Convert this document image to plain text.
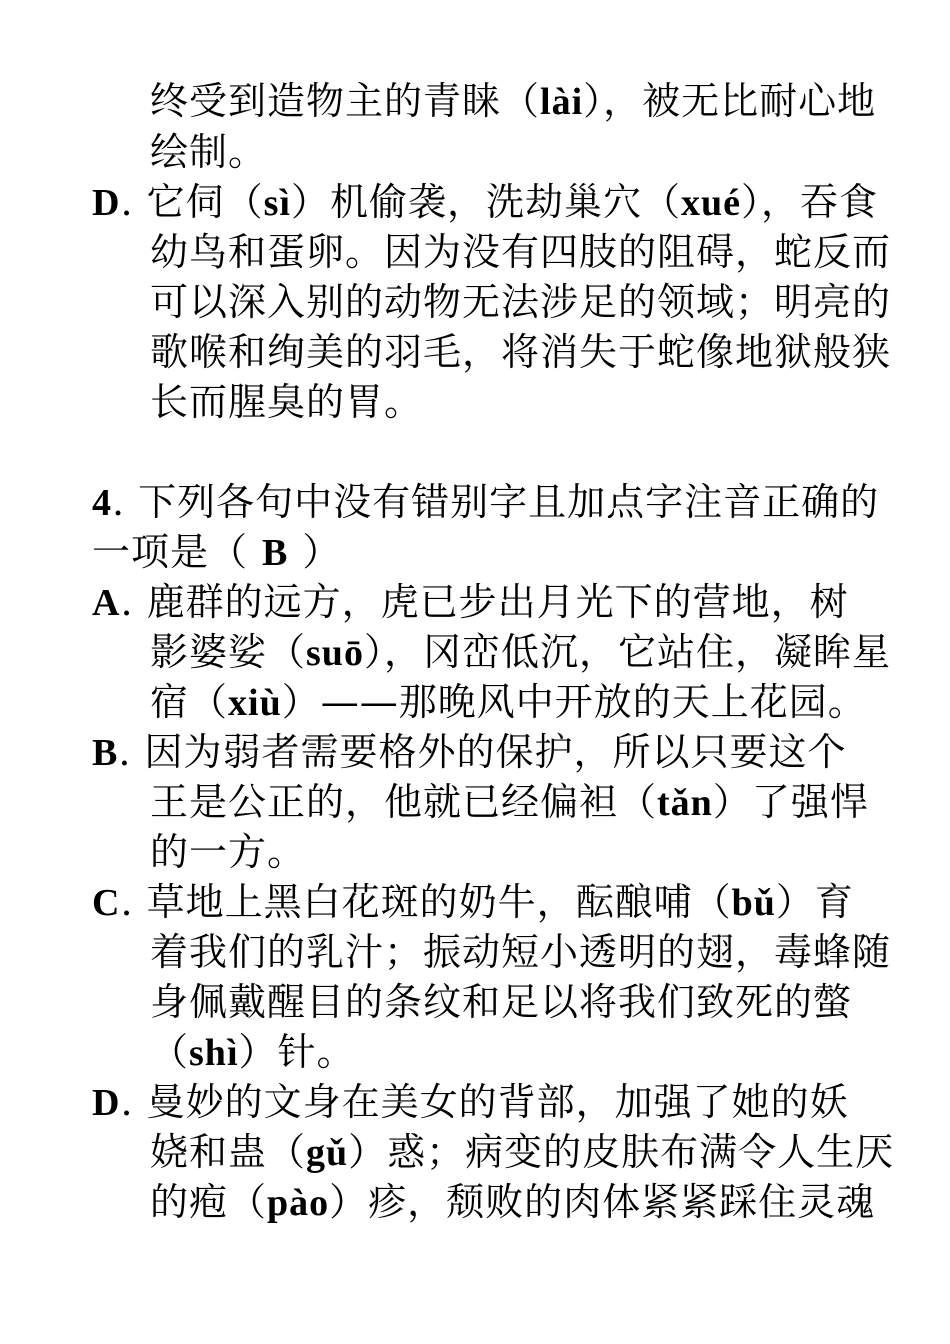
终受到造物主的青睐（lài），被无比耐心地
绘制。
D. 它伺（sì）机偷袭，洗劫巢穴（xué），吞食
幼鸟和蛋卵。因为没有四肢的阻碍，蛇反而
可以深入别的动物无法涉足的领域；明亮的
歌喉和绚美的羽毛，将消失于蛇像地狱般狭
长而腥臭的胃。
4. 下列各句中没有错别字且加点字注音正确的
一项是（ B ）
A. 鹿群的远方，虎已步出月光下的营地，树
影婆娑（suō），冈峦低沉，它站住，凝眸星
宿（xiù）——那晚风中开放的天上花园。
B. 因为弱者需要格外的保护，所以只要这个
王是公正的，他就已经偏袒（tǎn）了强悍
的一方。
C. 草地上黑白花斑的奶牛，酝酿哺（bǔ）育
着我们的乳汁；振动短小透明的翅，毒蜂随
身佩戴醒目的条纹和足以将我们致死的螫
（shì）针。
D. 曼妙的文身在美女的背部，加强了她的妖
娆和蛊（gǔ）惑；病变的皮肤布满令人生厌
的疱（pào）疹，颓败的肉体紧紧踩住灵魂
